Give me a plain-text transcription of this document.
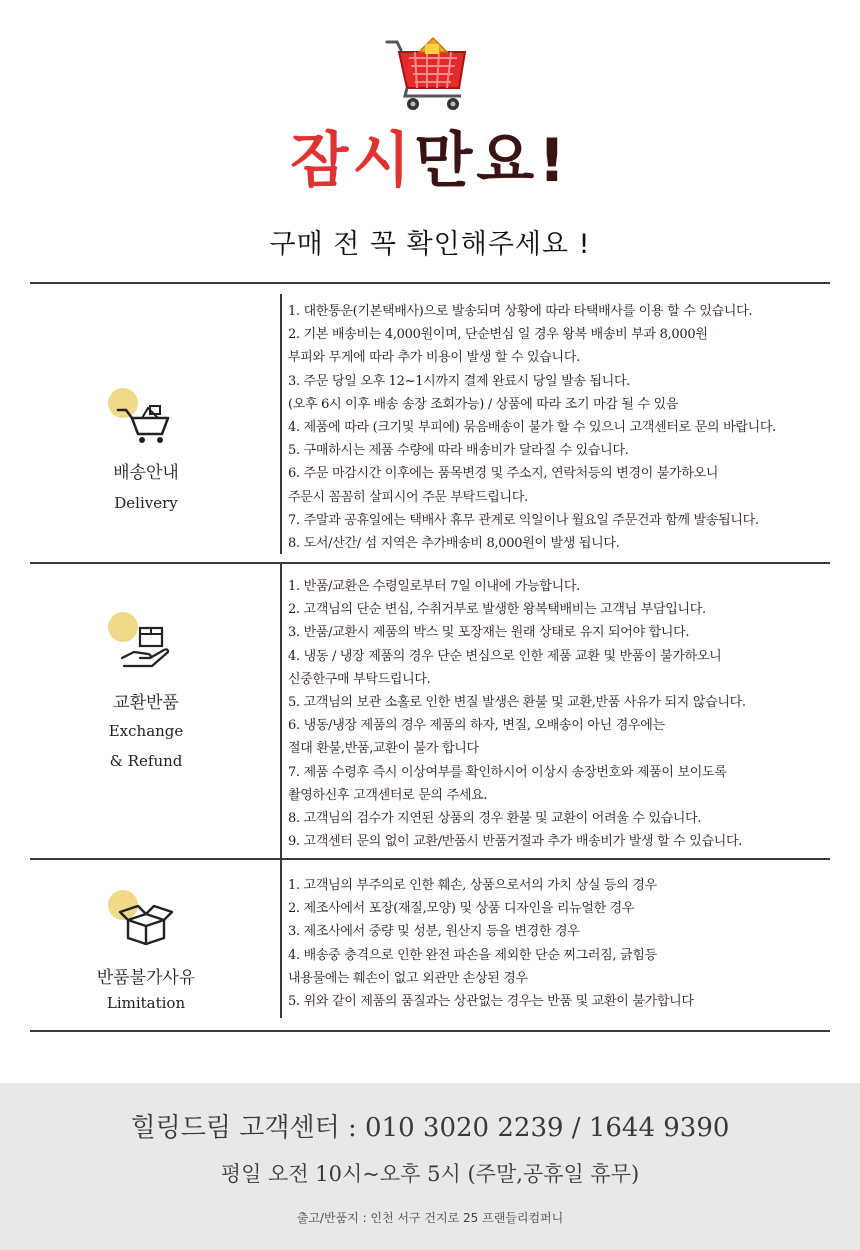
잠시만요!
구매 전 꼭 확인해주세요 !
배송안내
Delivery
1. 대한통운(기본택배사)으로 발송되며 상황에 따라 타택배사를 이용 할 수 있습니다.
2. 기본 배송비는 4,000원이며, 단순변심 일 경우 왕복 배송비 부과 8,000원
부피와 무게에 따라 추가 비용이 발생 할 수 있습니다.
3. 주문 당일 오후 12~1시까지 결제 완료시 당일 발송 됩니다.
(오후 6시 이후 배송 송장 조회가능) / 상품에 따라 조기 마감 될 수 있음
4. 제품에 따라 (크기및 부피에) 묶음배송이 불가 할 수 있으니 고객센터로 문의 바랍니다.
5. 구매하시는 제품 수량에 따라 배송비가 달라질 수 있습니다.
6. 주문 마감시간 이후에는 품목변경 및 주소지, 연락처등의 변경이 불가하오니
주문시 꼼꼼히 살피시어 주문 부탁드립니다.
7. 주말과 공휴일에는 택배사 휴무 관계로 익일이나 월요일 주문건과 함께 발송됩니다.
8. 도서/산간/ 섬 지역은 추가배송비 8,000원이 발생 됩니다.
교환반품
Exchange
& Refund
1. 반품/교환은 수령일로부터 7일 이내에 가능합니다.
2. 고객님의 단순 변심, 수취거부로 발생한 왕복택배비는 고객님 부담입니다.
3. 반품/교환시 제품의 박스 및 포장재는 원래 상태로 유지 되어야 합니다.
4. 냉동 / 냉장 제품의 경우 단순 변심으로 인한 제품 교환 및 반품이 불가하오니
신중한구매 부탁드립니다.
5. 고객님의 보관 소홀로 인한 변질 발생은 환불 및 교환,반품 사유가 되지 않습니다.
6. 냉동/냉장 제품의 경우 제품의 하자, 변질, 오배송이 아닌 경우에는
절대 환불,반품,교환이 불가 합니다
7. 제품 수령후 즉시 이상여부를 확인하시어 이상시 송장번호와 제품이 보이도록
촬영하신후 고객센터로 문의 주세요.
8. 고객님의 검수가 지연된 상품의 경우 환불 및 교환이 어려울 수 있습니다.
9. 고객센터 문의 없이 교환/반품시 반품거절과 추가 배송비가 발생 할 수 있습니다.
반품불가사유
Limitation
1. 고객님의 부주의로 인한 훼손, 상품으로서의 가치 상실 등의 경우
2. 제조사에서 포장(재질,모양) 및 상품 디자인을 리뉴얼한 경우
3. 제조사에서 중량 및 성분, 원산지 등을 변경한 경우
4. 배송중 충격으로 인한 완전 파손을 제외한 단순 찌그러짐, 긁힘등
내용물에는 훼손이 없고 외관만 손상된 경우
5. 위와 같이 제품의 품질과는 상관없는 경우는 반품 및 교환이 불가합니다
힐링드림 고객센터 : 010 3020 2239 / 1644 9390
평일 오전 10시~오후 5시 (주말,공휴일 휴무)
출고/반품지 : 인천 서구 건지로 25 프랜들리컴퍼니
